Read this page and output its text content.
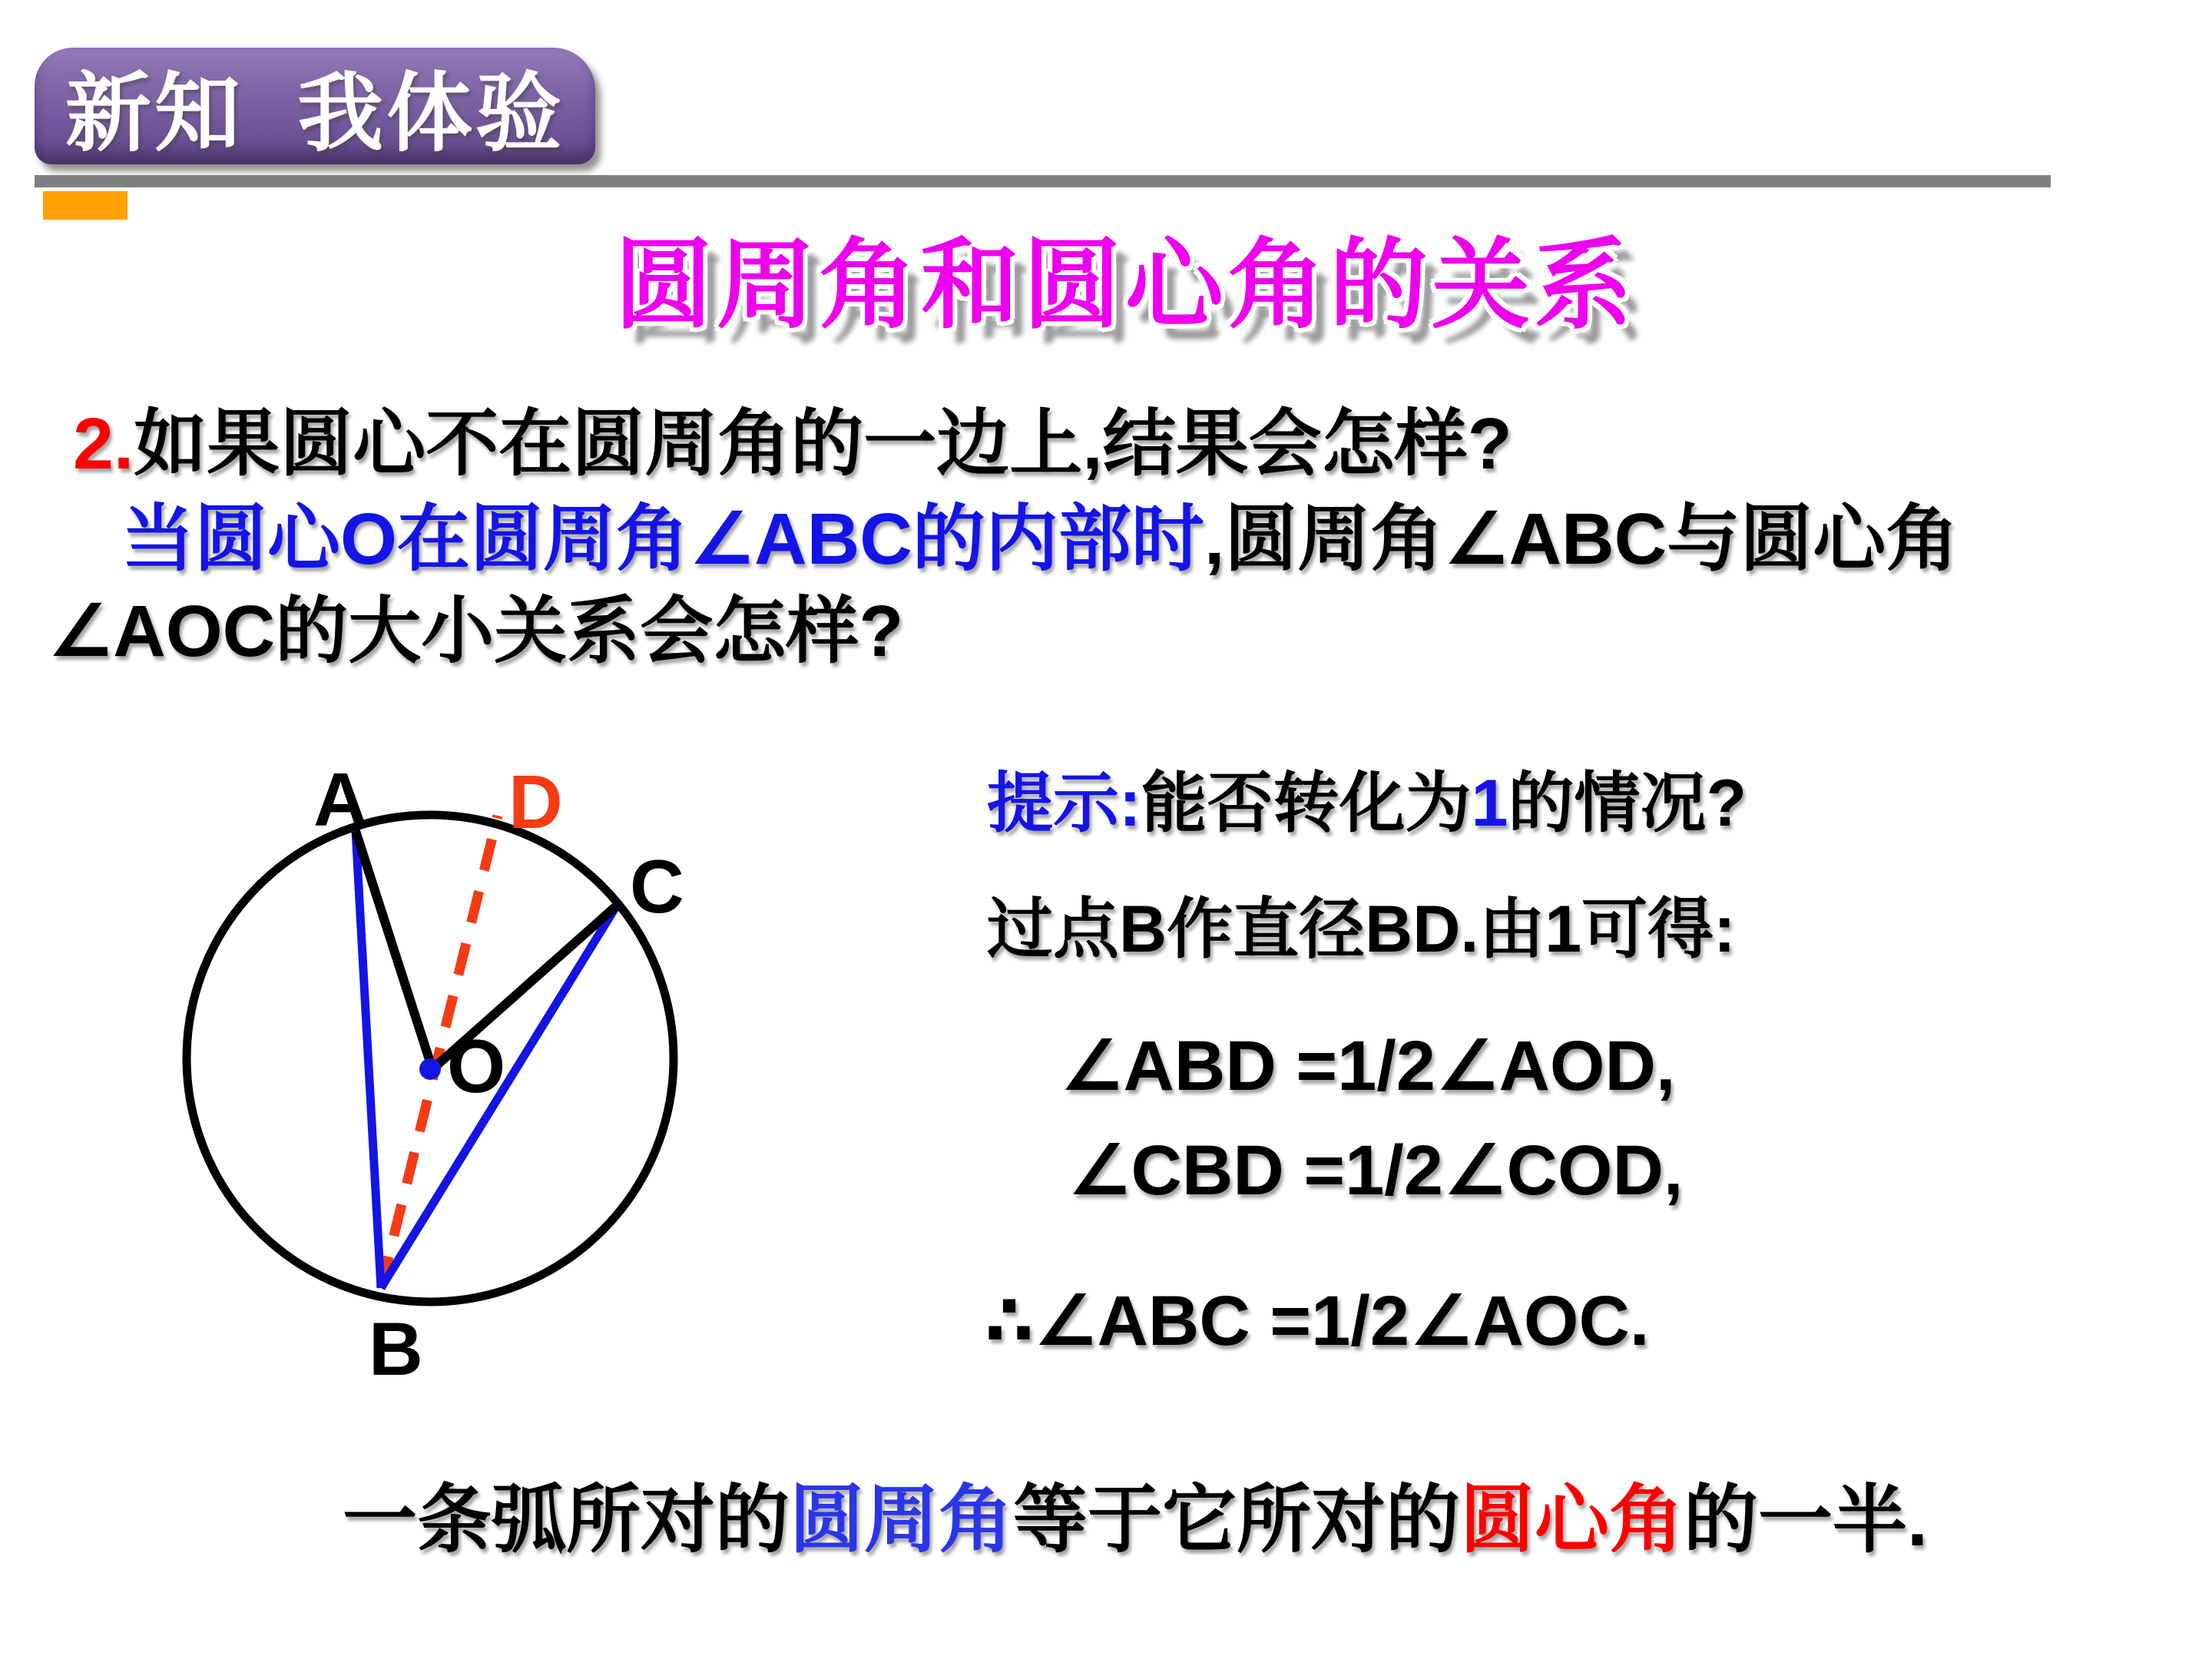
新知  我体验
圆周角和圆心角的关系
2.如果圆心不在圆周角的一边上,结果会怎样?
当圆心O在圆周角∠ABC的内部时,圆周角∠ABC与圆心角
∠AOC的大小关系会怎样?
A D
C
O
B
提示:能否转化为1的情况?
过点B作直径BD.由1可得:
∠ABD =1/2∠AOD,
∠CBD =1/2∠COD,
∴∠ABC =1/2∠AOC.
一条弧所对的圆周角等于它所对的圆心角的一半.
